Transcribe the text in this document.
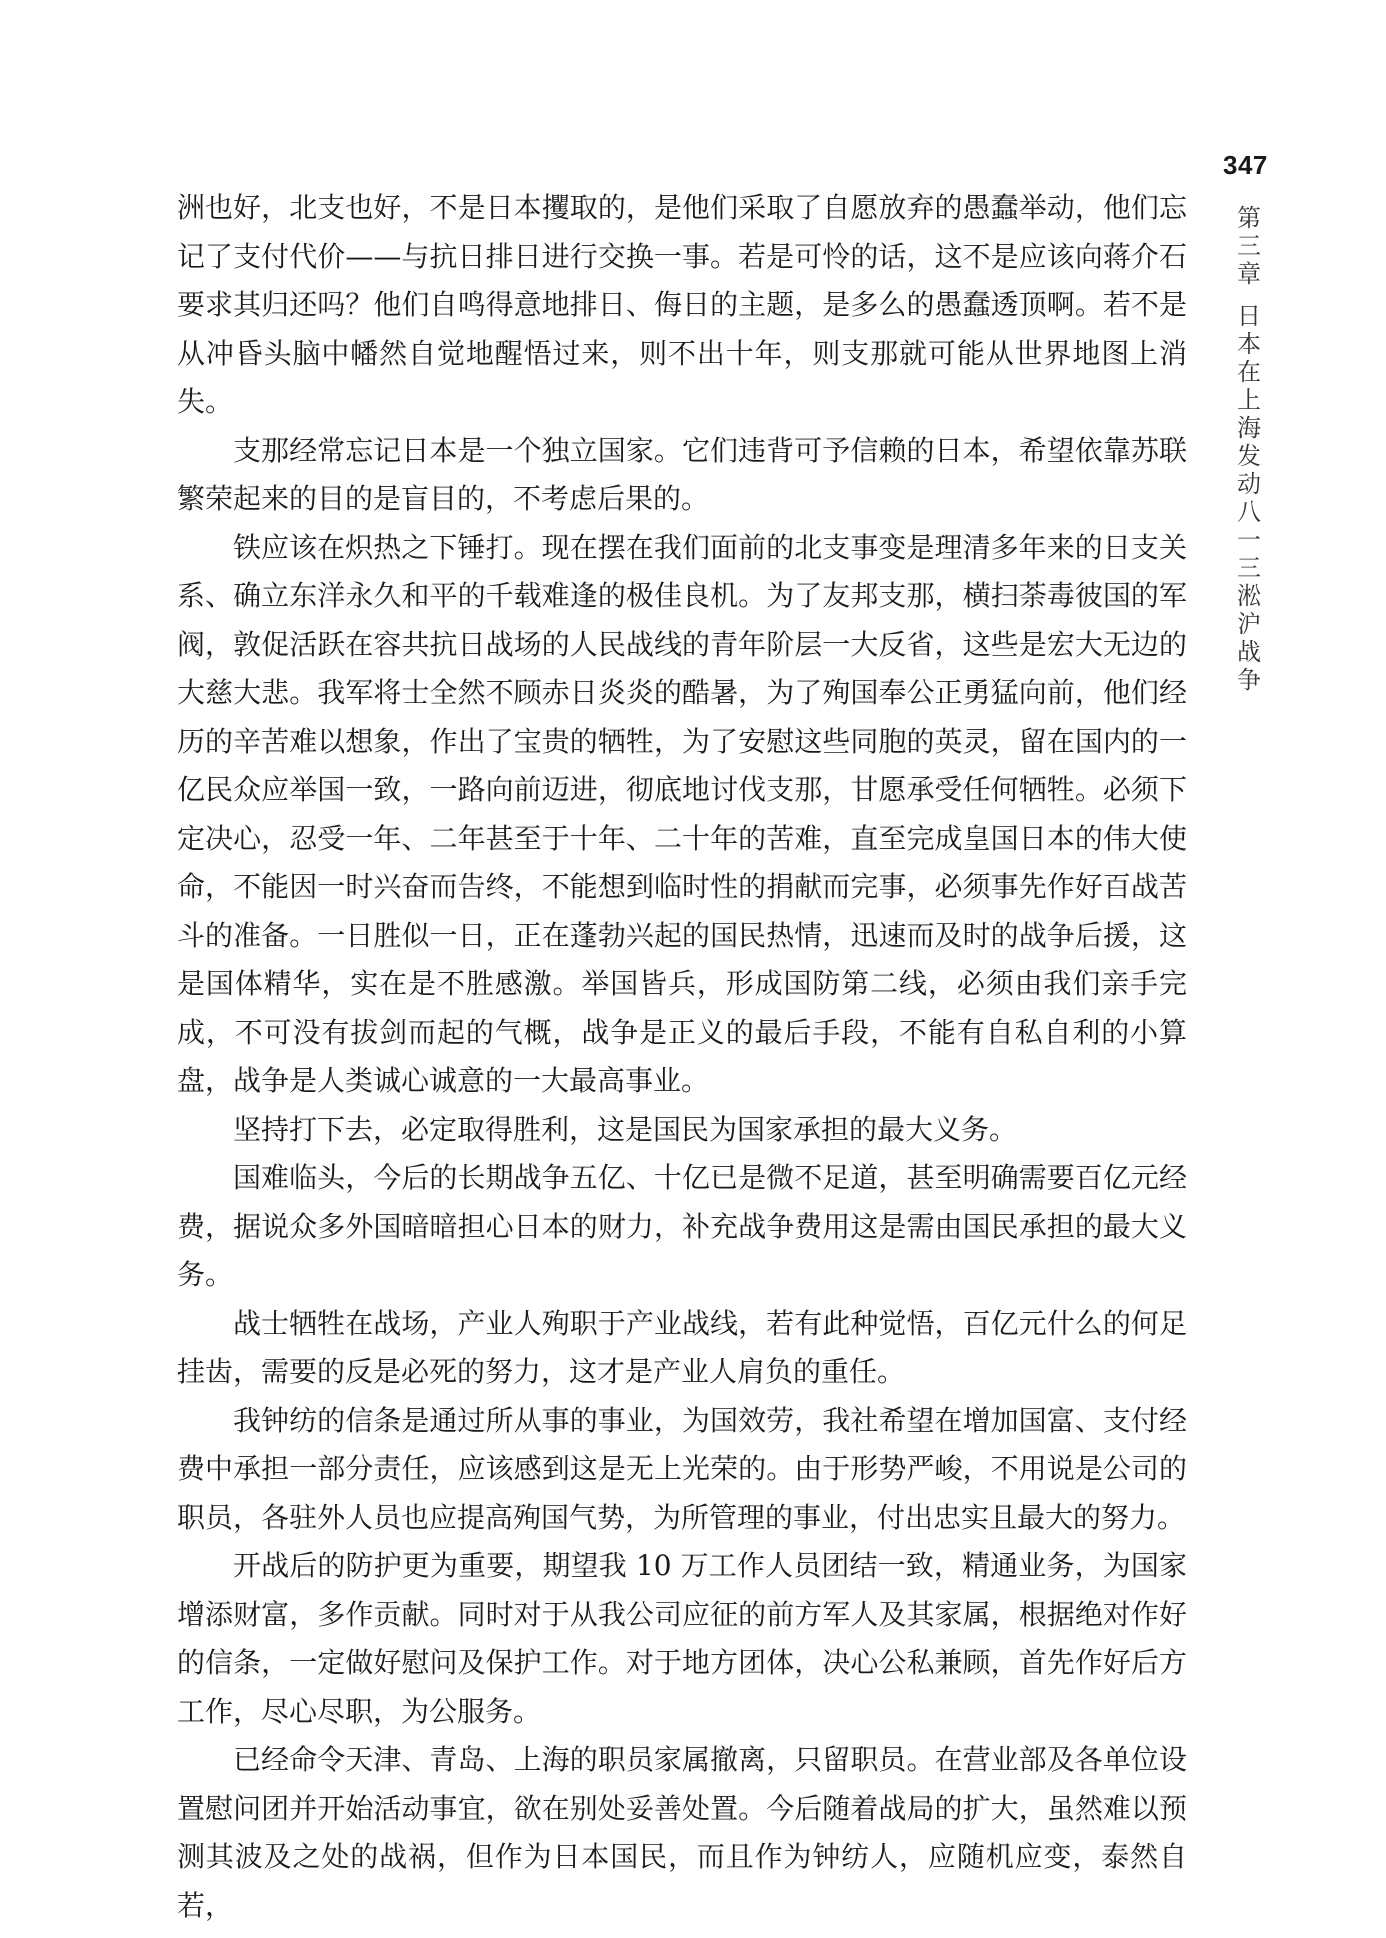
347
第
三
章
日
本
在
上
海
发
动
八
一
三
淞
沪
战
争

洲也好，北支也好，不是日本攫取的，是他们采取了自愿放弃的愚蠢举动，他们忘记了支付代价——与抗日排日进行交换一事。若是可怜的话，这不是应该向蒋介石要求其归还吗？他们自鸣得意地排日、侮日的主题，是多么的愚蠢透顶啊。若不是从冲昏头脑中幡然自觉地醒悟过来，则不出十年，则支那就可能从世界地图上消失。

支那经常忘记日本是一个独立国家。它们违背可予信赖的日本，希望依靠苏联繁荣起来的目的是盲目的，不考虑后果的。

铁应该在炽热之下锤打。现在摆在我们面前的北支事变是理清多年来的日支关系、确立东洋永久和平的千载难逢的极佳良机。为了友邦支那，横扫荼毒彼国的军阀，敦促活跃在容共抗日战场的人民战线的青年阶层一大反省，这些是宏大无边的大慈大悲。我军将士全然不顾赤日炎炎的酷暑，为了殉国奉公正勇猛向前，他们经历的辛苦难以想象，作出了宝贵的牺牲，为了安慰这些同胞的英灵，留在国内的一亿民众应举国一致，一路向前迈进，彻底地讨伐支那，甘愿承受任何牺牲。必须下定决心，忍受一年、二年甚至于十年、二十年的苦难，直至完成皇国日本的伟大使命，不能因一时兴奋而告终，不能想到临时性的捐献而完事，必须事先作好百战苦斗的准备。一日胜似一日，正在蓬勃兴起的国民热情，迅速而及时的战争后援，这是国体精华，实在是不胜感激。举国皆兵，形成国防第二线，必须由我们亲手完成，不可没有拔剑而起的气概，战争是正义的最后手段，不能有自私自利的小算盘，战争是人类诚心诚意的一大最高事业。

坚持打下去，必定取得胜利，这是国民为国家承担的最大义务。

国难临头，今后的长期战争五亿、十亿已是微不足道，甚至明确需要百亿元经费，据说众多外国暗暗担心日本的财力，补充战争费用这是需由国民承担的最大义务。

战士牺牲在战场，产业人殉职于产业战线，若有此种觉悟，百亿元什么的何足挂齿，需要的反是必死的努力，这才是产业人肩负的重任。

我钟纺的信条是通过所从事的事业，为国效劳，我社希望在增加国富、支付经费中承担一部分责任，应该感到这是无上光荣的。由于形势严峻，不用说是公司的职员，各驻外人员也应提高殉国气势，为所管理的事业，付出忠实且最大的努力。

开战后的防护更为重要，期望我 10 万工作人员团结一致，精通业务，为国家增添财富，多作贡献。同时对于从我公司应征的前方军人及其家属，根据绝对作好的信条，一定做好慰问及保护工作。对于地方团体，决心公私兼顾，首先作好后方工作，尽心尽职，为公服务。

已经命令天津、青岛、上海的职员家属撤离，只留职员。在营业部及各单位设置慰问团并开始活动事宜，欲在别处妥善处置。今后随着战局的扩大，虽然难以预测其波及之处的战祸，但作为日本国民，而且作为钟纺人，应随机应变，泰然自若，
